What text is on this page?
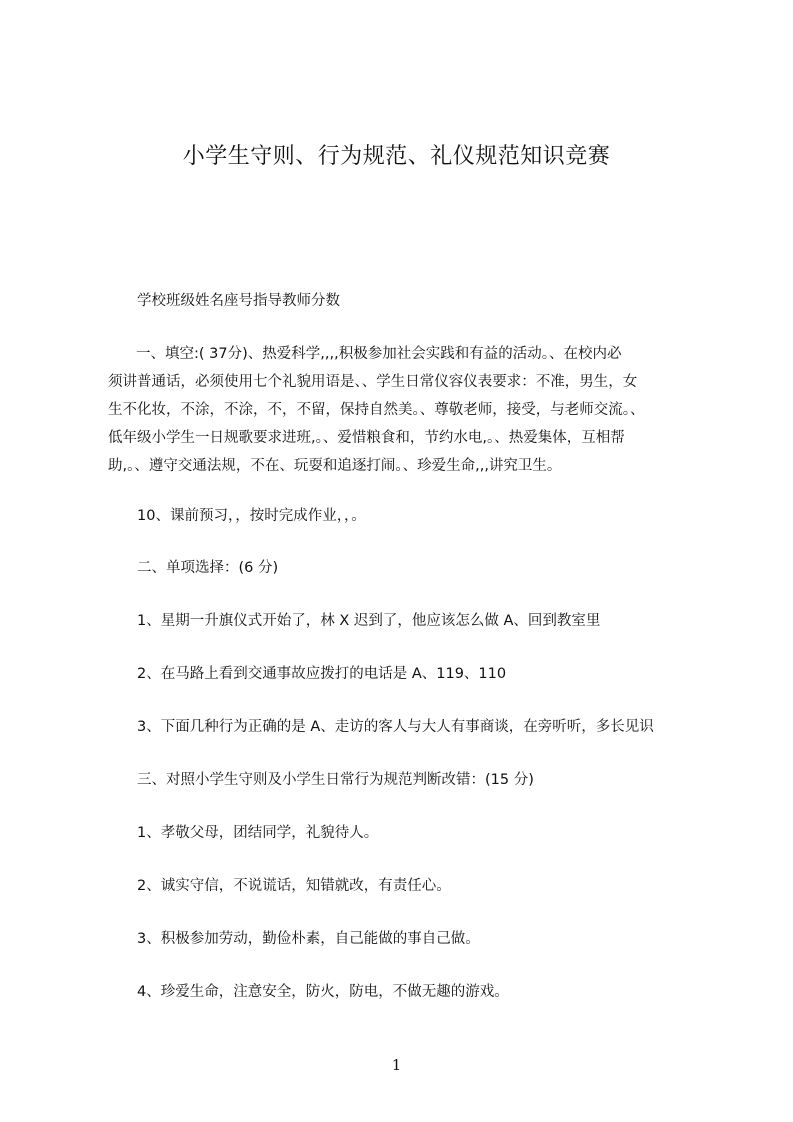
小学生守则、行为规范、礼仪规范知识竞赛

学校班级姓名座号指导教师分数

一、填空:( 37分)、热爱科学,,,,积极参加社会实践和有益的活动。、在校内必
须讲普通话，必须使用七个礼貌用语是、、学生日常仪容仪表要求：不准，男生，女
生不化妆，不涂，不涂，不，不留，保持自然美。、尊敬老师，接受，与老师交流。、
低年级小学生一日规歌要求进班,。、爱惜粮食和，节约水电,。、热爱集体，互相帮
助,。、遵守交通法规，不在、玩耍和追逐打闹。、珍爱生命,,,讲究卫生。

10、课前预习，，按时完成作业，，。

二、单项选择：(6 分)

1、星期一升旗仪式开始了，林 X 迟到了，他应该怎么做 A、回到教室里

2、在马路上看到交通事故应拨打的电话是 A、119、110

3、下面几种行为正确的是 A、走访的客人与大人有事商谈，在旁听听，多长见识

三、对照小学生守则及小学生日常行为规范判断改错：(15 分)

1、孝敬父母，团结同学，礼貌待人。

2、诚实守信，不说谎话，知错就改，有责任心。

3、积极参加劳动，勤俭朴素，自己能做的事自己做。

4、珍爱生命，注意安全，防火，防电，不做无趣的游戏。

1
